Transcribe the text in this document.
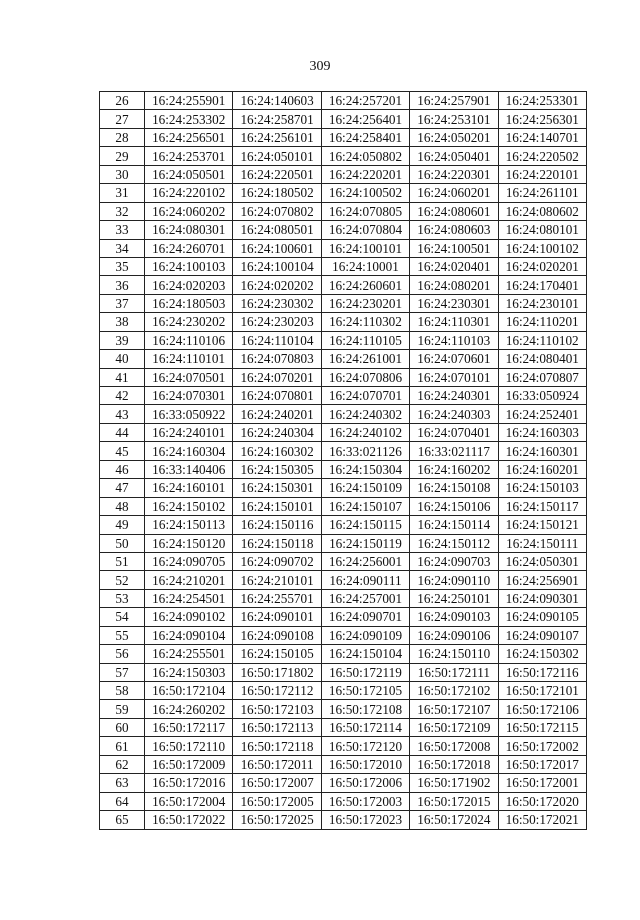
309
26	16:24:255901	16:24:140603	16:24:257201	16:24:257901	16:24:253301
27	16:24:253302	16:24:258701	16:24:256401	16:24:253101	16:24:256301
28	16:24:256501	16:24:256101	16:24:258401	16:24:050201	16:24:140701
29	16:24:253701	16:24:050101	16:24:050802	16:24:050401	16:24:220502
30	16:24:050501	16:24:220501	16:24:220201	16:24:220301	16:24:220101
31	16:24:220102	16:24:180502	16:24:100502	16:24:060201	16:24:261101
32	16:24:060202	16:24:070802	16:24:070805	16:24:080601	16:24:080602
33	16:24:080301	16:24:080501	16:24:070804	16:24:080603	16:24:080101
34	16:24:260701	16:24:100601	16:24:100101	16:24:100501	16:24:100102
35	16:24:100103	16:24:100104	16:24:10001	16:24:020401	16:24:020201
36	16:24:020203	16:24:020202	16:24:260601	16:24:080201	16:24:170401
37	16:24:180503	16:24:230302	16:24:230201	16:24:230301	16:24:230101
38	16:24:230202	16:24:230203	16:24:110302	16:24:110301	16:24:110201
39	16:24:110106	16:24:110104	16:24:110105	16:24:110103	16:24:110102
40	16:24:110101	16:24:070803	16:24:261001	16:24:070601	16:24:080401
41	16:24:070501	16:24:070201	16:24:070806	16:24:070101	16:24:070807
42	16:24:070301	16:24:070801	16:24:070701	16:24:240301	16:33:050924
43	16:33:050922	16:24:240201	16:24:240302	16:24:240303	16:24:252401
44	16:24:240101	16:24:240304	16:24:240102	16:24:070401	16:24:160303
45	16:24:160304	16:24:160302	16:33:021126	16:33:021117	16:24:160301
46	16:33:140406	16:24:150305	16:24:150304	16:24:160202	16:24:160201
47	16:24:160101	16:24:150301	16:24:150109	16:24:150108	16:24:150103
48	16:24:150102	16:24:150101	16:24:150107	16:24:150106	16:24:150117
49	16:24:150113	16:24:150116	16:24:150115	16:24:150114	16:24:150121
50	16:24:150120	16:24:150118	16:24:150119	16:24:150112	16:24:150111
51	16:24:090705	16:24:090702	16:24:256001	16:24:090703	16:24:050301
52	16:24:210201	16:24:210101	16:24:090111	16:24:090110	16:24:256901
53	16:24:254501	16:24:255701	16:24:257001	16:24:250101	16:24:090301
54	16:24:090102	16:24:090101	16:24:090701	16:24:090103	16:24:090105
55	16:24:090104	16:24:090108	16:24:090109	16:24:090106	16:24:090107
56	16:24:255501	16:24:150105	16:24:150104	16:24:150110	16:24:150302
57	16:24:150303	16:50:171802	16:50:172119	16:50:172111	16:50:172116
58	16:50:172104	16:50:172112	16:50:172105	16:50:172102	16:50:172101
59	16:24:260202	16:50:172103	16:50:172108	16:50:172107	16:50:172106
60	16:50:172117	16:50:172113	16:50:172114	16:50:172109	16:50:172115
61	16:50:172110	16:50:172118	16:50:172120	16:50:172008	16:50:172002
62	16:50:172009	16:50:172011	16:50:172010	16:50:172018	16:50:172017
63	16:50:172016	16:50:172007	16:50:172006	16:50:171902	16:50:172001
64	16:50:172004	16:50:172005	16:50:172003	16:50:172015	16:50:172020
65	16:50:172022	16:50:172025	16:50:172023	16:50:172024	16:50:172021
